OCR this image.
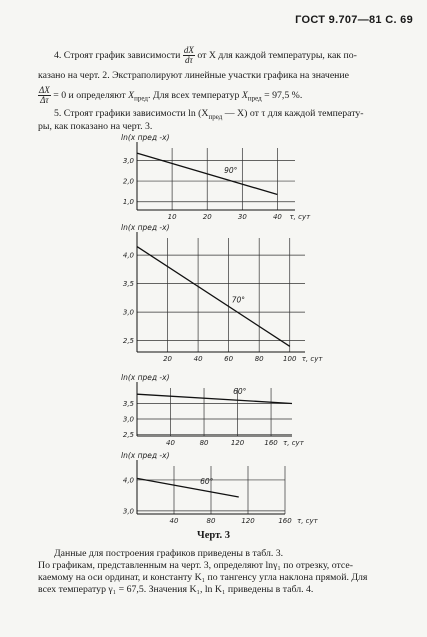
ГОСТ 9.707—81 С. 69
4. Строят график зависимости $\frac{dX}{d\tau}$ от X для каждой температуры, как по-
казано на черт. 2. Экстраполируют линейные участки графика на значение
$\frac{\Delta X}{\Delta\tau} = 0$ и определяют $X_{пред}$. Для всех температур $X_{пред} = 97,5$ %.
5. Строят графики зависимости $\ln (X_{пред}$ — X) от τ для каждой температу-
ры, как показано на черт. 3.
10	20	30	40
3,0
2,0
1,0
ln(x пред -x)
τ, сут
90°
20	40	60	80	100
4,0
3,5
3,0
2,5
ln(x пред -x)
τ, сут
70°
40	80	120	160
3,5
3,0
2,5
ln(x пред -x)
τ, сут
60°
40	80	120	160
4,0
3,0
ln(x пред -x)
τ, сут
60°
Черт. 3
Данные для построения графиков приведены в табл. 3.
По графикам, представленным на черт. 3, определяют lnγ₁ по отрезку, отсе-
каемому на оси ординат, и константу K₁ по тангенсу угла наклона прямой. Для
всех температур γ₁ = 67,5. Значения K₁, ln K₁ приведены в табл. 4.
